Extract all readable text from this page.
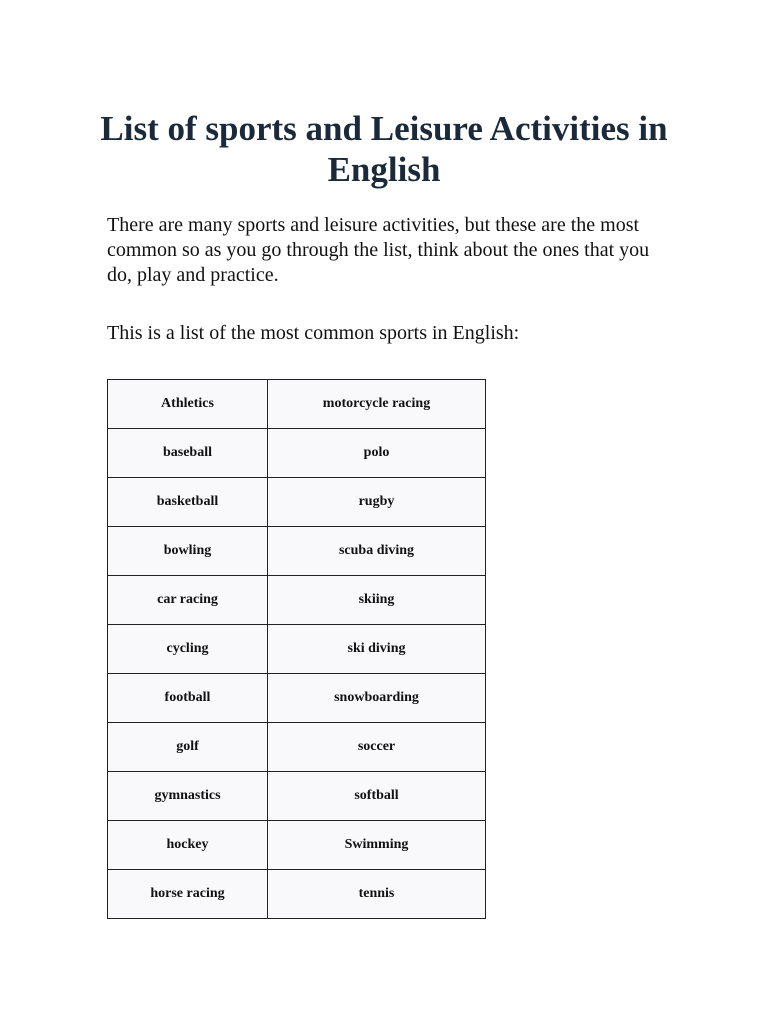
List of sports and Leisure Activities in English

There are many sports and leisure activities, but these are the most common so as you go through the list, think about the ones that you do, play and practice.

This is a list of the most common sports in English:

Athletics	motorcycle racing
baseball	polo
basketball	rugby
bowling	scuba diving
car racing	skiing
cycling	ski diving
football	snowboarding
golf	soccer
gymnastics	softball
hockey	Swimming
horse racing	tennis
